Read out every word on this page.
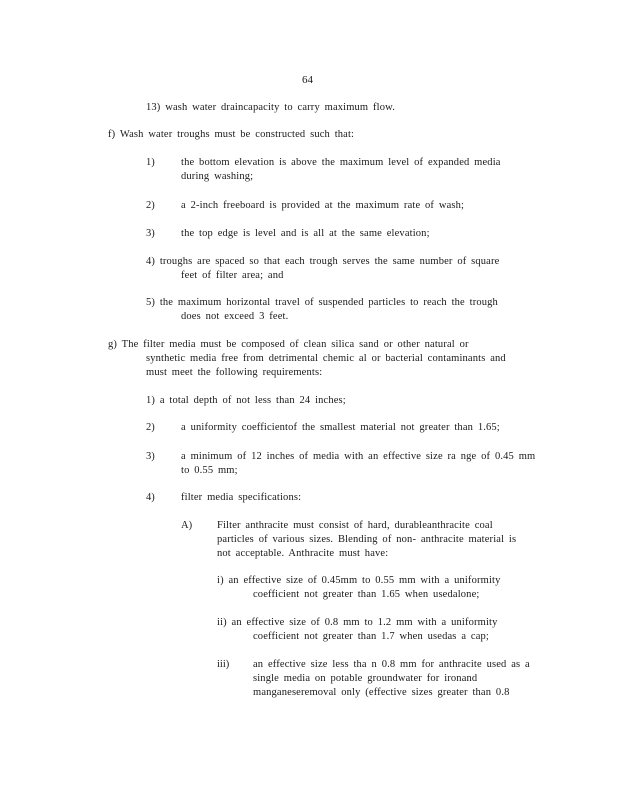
64
13) wash water draincapacity to carry maximum flow.
f) Wash water troughs must be constructed such that:
1)	the bottom elevation is above the maximum level of expanded media
during washing;
2)	a 2-inch freeboard is provided at the maximum rate of wash;
3)	the top edge is level and is all at the same elevation;
4) troughs are spaced so that each trough serves the same number of square
feet of filter area; and
5) the maximum horizontal travel of suspended particles to reach the trough
does not exceed 3 feet.
g) The filter media must be composed of clean silica sand or other natural or
synthetic media free from detrimental chemic al or bacterial contaminants and
must meet the following requirements:
1) a total depth of not less than 24 inches;
2)	a uniformity coefficientof the smallest material not greater than 1.65;
3)	a minimum of 12 inches of media with an effective size ra nge of 0.45 mm
to 0.55 mm;
4)	filter media specifications:
A) Filter anthracite must consist of hard, durableanthracite coal
particles of various sizes. Blending of non- anthracite material is
not acceptable. Anthracite must have:
i) an effective size of 0.45mm to 0.55 mm with a uniformity
coefficient not greater than 1.65 when usedalone;
ii) an effective size of 0.8 mm to 1.2 mm with a uniformity
coefficient not greater than 1.7 when usedas a cap;
iii) an effective size less tha n 0.8 mm for anthracite used as a
single media on potable groundwater for ironand
manganeseremoval only (effective sizes greater than 0.8
